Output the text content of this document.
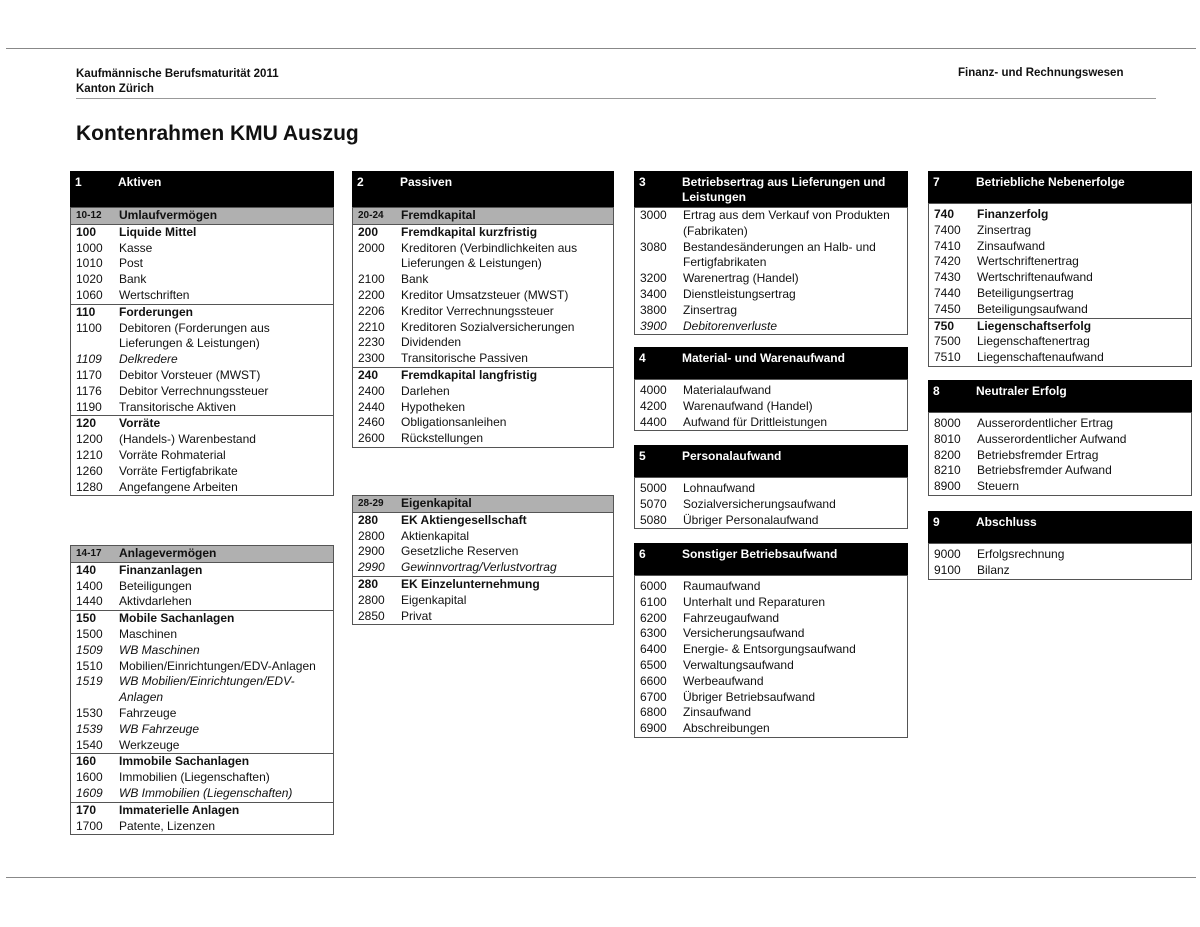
Kaufmännische Berufsmaturität 2011
Kanton Zürich
Finanz- und Rechnungswesen
Kontenrahmen KMU Auszug
1	Aktiven
10-12	Umlaufvermögen
100	Liquide Mittel
1000	Kasse
1010	Post
1020	Bank
1060	Wertschriften
110	Forderungen
1100	Debitoren (Forderungen aus Lieferungen & Leistungen)
1109	Delkredere
1170	Debitor Vorsteuer (MWST)
1176	Debitor Verrechnungssteuer
1190	Transitorische Aktiven
120	Vorräte
1200	(Handels-) Warenbestand
1210	Vorräte Rohmaterial
1260	Vorräte Fertigfabrikate
1280	Angefangene Arbeiten
14-17	Anlagevermögen
140	Finanzanlagen
1400	Beteiligungen
1440	Aktivdarlehen
150	Mobile Sachanlagen
1500	Maschinen
1509	WB Maschinen
1510	Mobilien/Einrichtungen/EDV-Anlagen
1519	WB Mobilien/Einrichtungen/EDV-Anlagen
1530	Fahrzeuge
1539	WB Fahrzeuge
1540	Werkzeuge
160	Immobile Sachanlagen
1600	Immobilien (Liegenschaften)
1609	WB Immobilien (Liegenschaften)
170	Immaterielle Anlagen
1700	Patente, Lizenzen
2	Passiven
20-24	Fremdkapital
200	Fremdkapital kurzfristig
2000	Kreditoren (Verbindlichkeiten aus Lieferungen & Leistungen)
2100	Bank
2200	Kreditor Umsatzsteuer (MWST)
2206	Kreditor Verrechnungssteuer
2210	Kreditoren Sozialversicherungen
2230	Dividenden
2300	Transitorische Passiven
240	Fremdkapital langfristig
2400	Darlehen
2440	Hypotheken
2460	Obligationsanleihen
2600	Rückstellungen
28-29	Eigenkapital
280	EK Aktiengesellschaft
2800	Aktienkapital
2900	Gesetzliche Reserven
2990	Gewinnvortrag/Verlustvortrag
280	EK Einzelunternehmung
2800	Eigenkapital
2850	Privat
3	Betriebsertrag aus Lieferungen und Leistungen
3000	Ertrag aus dem Verkauf von Produkten (Fabrikaten)
3080	Bestandesänderungen an Halb- und Fertigfabrikaten
3200	Warenertrag (Handel)
3400	Dienstleistungsertrag
3800	Zinsertrag
3900	Debitorenverluste
4	Material- und Warenaufwand
4000	Materialaufwand
4200	Warenaufwand (Handel)
4400	Aufwand für Drittleistungen
5	Personalaufwand
5000	Lohnaufwand
5070	Sozialversicherungsaufwand
5080	Übriger Personalaufwand
6	Sonstiger Betriebsaufwand
6000	Raumaufwand
6100	Unterhalt und Reparaturen
6200	Fahrzeugaufwand
6300	Versicherungsaufwand
6400	Energie- & Entsorgungsaufwand
6500	Verwaltungsaufwand
6600	Werbeaufwand
6700	Übriger Betriebsaufwand
6800	Zinsaufwand
6900	Abschreibungen
7	Betriebliche Nebenerfolge
740	Finanzerfolg
7400	Zinsertrag
7410	Zinsaufwand
7420	Wertschriftenertrag
7430	Wertschriftenaufwand
7440	Beteiligungsertrag
7450	Beteiligungsaufwand
750	Liegenschaftserfolg
7500	Liegenschaftenertrag
7510	Liegenschaftenaufwand
8	Neutraler Erfolg
8000	Ausserordentlicher Ertrag
8010	Ausserordentlicher Aufwand
8200	Betriebsfremder Ertrag
8210	Betriebsfremder Aufwand
8900	Steuern
9	Abschluss
9000	Erfolgsrechnung
9100	Bilanz
